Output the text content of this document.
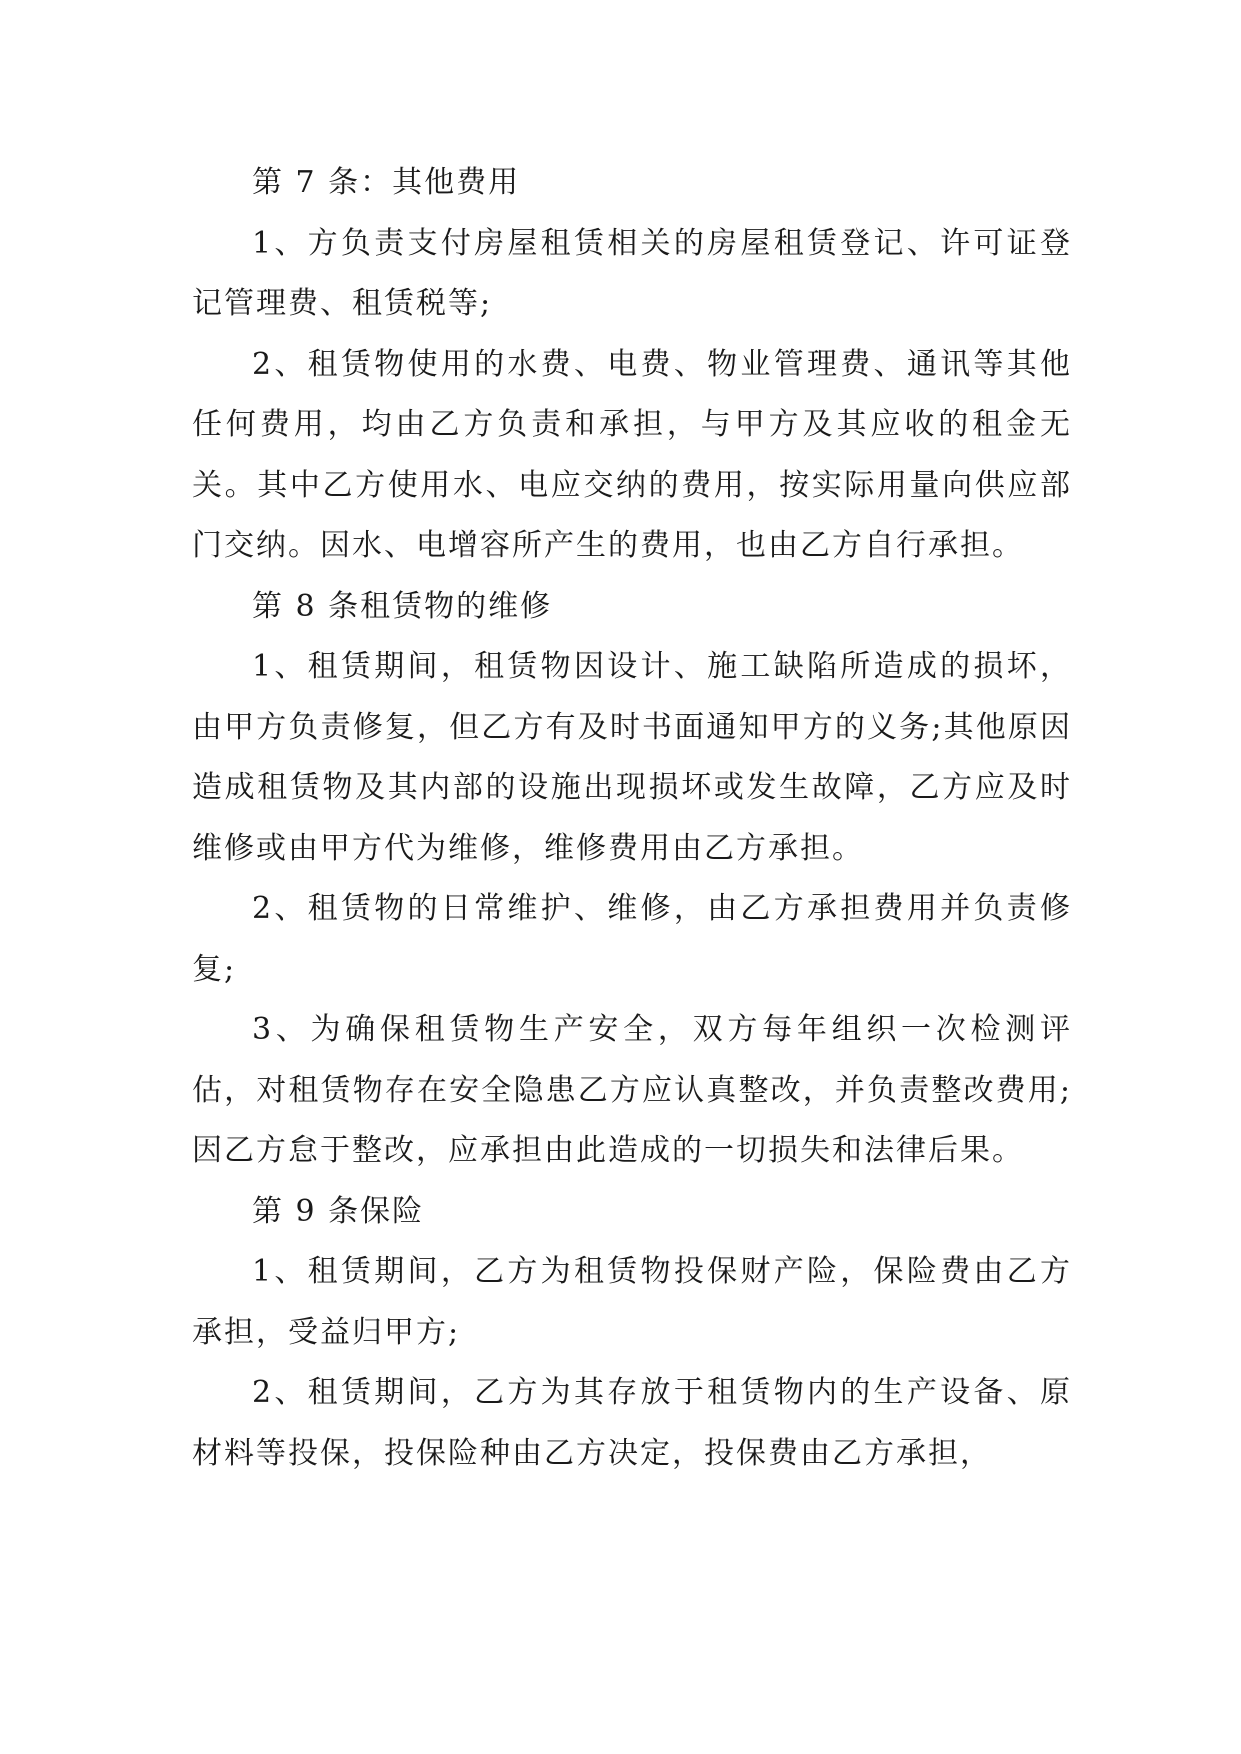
第 7 条：其他费用

1、方负责支付房屋租赁相关的房屋租赁登记、许可证登记管理费、租赁税等;

2、租赁物使用的水费、电费、物业管理费、通讯等其他任何费用，均由乙方负责和承担，与甲方及其应收的租金无关。其中乙方使用水、电应交纳的费用，按实际用量向供应部门交纳。因水、电增容所产生的费用，也由乙方自行承担。

第 8 条租赁物的维修

1、租赁期间，租赁物因设计、施工缺陷所造成的损坏，由甲方负责修复，但乙方有及时书面通知甲方的义务;其他原因造成租赁物及其内部的设施出现损坏或发生故障，乙方应及时维修或由甲方代为维修，维修费用由乙方承担。

2、租赁物的日常维护、维修，由乙方承担费用并负责修复;

3、为确保租赁物生产安全，双方每年组织一次检测评估，对租赁物存在安全隐患乙方应认真整改，并负责整改费用;因乙方怠于整改，应承担由此造成的一切损失和法律后果。

第 9 条保险

1、租赁期间，乙方为租赁物投保财产险，保险费由乙方承担，受益归甲方;

2、租赁期间，乙方为其存放于租赁物内的生产设备、原材料等投保，投保险种由乙方决定，投保费由乙方承担，
